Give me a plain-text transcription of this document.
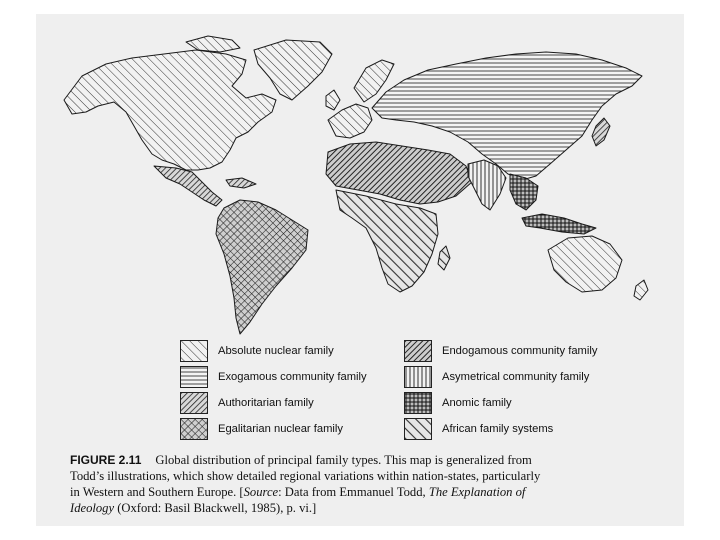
Absolute nuclear family
Exogamous community family
Authoritarian family
Egalitarian nuclear family
Endogamous community family
Asymetrical community family
Anomic family
African family systems

FIGURE 2.11 Global distribution of principal family types. This map is generalized from

Todd’s illustrations, which show detailed regional variations within nation-states, particularly

in Western and Southern Europe. [Source: Data from Emmanuel Todd, The Explanation of

Ideology (Oxford: Basil Blackwell, 1985), p. vi.]
